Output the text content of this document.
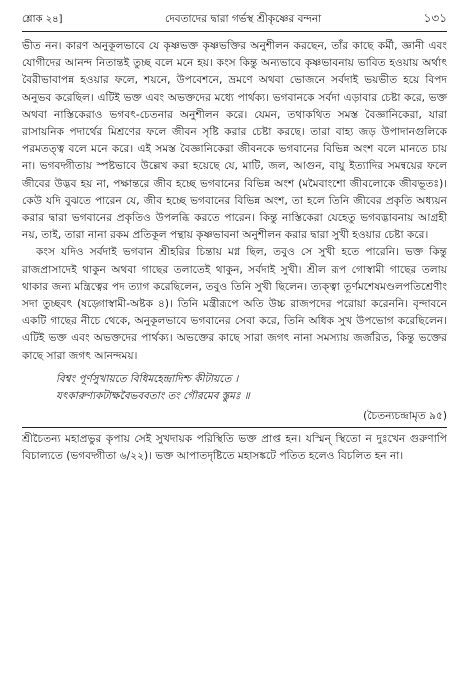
শ্লোক ২৪]	দেবতাদের দ্বারা গর্ভস্থ শ্রীকৃষ্ণের বন্দনা	১৩১

ভীত নন। কারণ অনুকূলভাবে যে কৃষ্ণভক্ত কৃষ্ণভক্তির অনুশীলন করছেন, তাঁর কাছে কর্মী, জ্ঞানী এবং যোগীদের আনন্দ নিতান্তই তুচ্ছ বলে মনে হয়। কংস কিন্তু অন্যভাবে কৃষ্ণভাবনায় ভাবিত হওয়ায় অর্থাৎ বৈরীভাবাপন্ন হওয়ার ফলে, শয়নে, উপবেশনে, ভ্রমণে অথবা ভোজনে সর্বদাই ভয়ভীত হয়ে বিপদ অনুভব করেছিল। এটিই ভক্ত এবং অভক্তদের মধ্যে পার্থক্য। ভগবানকে সর্বদা এড়াবার চেষ্টা করে, ভক্ত অথবা নাস্তিকেরাও ভগবৎ-চেতনার অনুশীলন করে। যেমন, তথাকথিত সমস্ত বৈজ্ঞানিকেরা, যারা রাসায়নিক পদার্থের মিশ্রণের ফলে জীবন সৃষ্টি করার চেষ্টা করছে। তারা বাহ্য জড় উপাদানগুলিকে পরমতত্ত্ব বলে মনে করে। এই সমস্ত বৈজ্ঞানিকেরা জীবনকে ভগবানের বিভিন্ন অংশ বলে মানতে চায় না। ভগবদ্গীতায় স্পষ্টভাবে উল্লেখ করা হয়েছে যে, মাটি, জল, আগুন, বায়ু ইত্যাদির সমন্বয়ের ফলে জীবের উদ্ভব হয় না, পক্ষান্তরে জীব হচ্ছে ভগবানের বিভিন্ন অংশ (মমৈবাংশো জীবলোকে জীবভূতঃ)। কেউ যদি বুঝতে পারেন যে, জীব হচ্ছে ভগবানের বিভিন্ন অংশ, তা হলে তিনি জীবের প্রকৃতি অধ্যয়ন করার দ্বারা ভগবানের প্রকৃতিও উপলব্ধি করতে পারেন। কিন্তু নাস্তিকেরা যেহেতু ভগবদ্ভাবনায় আগ্রহী নয়, তাই, তারা নানা রকম প্রতিকূল পন্থায় কৃষ্ণভাবনা অনুশীলন করার দ্বারা সুখী হওয়ার চেষ্টা করে।

কংস যদিও সর্বদাই ভগবান শ্রীহরির চিন্তায় মগ্ন ছিল, তবুও সে সুখী হতে পারেনি। ভক্ত কিন্তু রাজপ্রাসাদেই থাকুন অথবা গাছের তলাতেই থাকুন, সর্বদাই সুখী। শ্রীল রূপ গোস্বামী গাছের তলায় থাকার জন্য মন্ত্রিত্বের পদ ত্যাগ করেছিলেন, তবুও তিনি সুখী ছিলেন। ত্যক্ত্বা তূর্ণমশেষমণ্ডলপতিশ্রেণীং সদা তুচ্ছবৎ (ষড়্গোস্বামী-অষ্টক ৪)। তিনি মন্ত্রীরূপে অতি উচ্চ রাজপদের পরোয়া করেননি। বৃন্দাবনে একটি গাছের নীচে থেকে, অনুকূলভাবে ভগবানের সেবা করে, তিনি অধিক সুখ উপভোগ করেছিলেন। এটিই ভক্ত এবং অভক্তদের পার্থক্য। অভক্তের কাছে সারা জগৎ নানা সমস্যায় জর্জরিত, কিন্তু ভক্তের কাছে সারা জগৎ আনন্দময়।

বিশ্বং পূর্ণসুখায়তে বিধিমহেন্দ্রাদিশ্চ কীটায়তে ।
যৎকারুণ্যকটাক্ষবৈভববতাং তং গৌরমেব স্তুমঃ ॥
(চৈতন্যচন্দ্রামৃত ৯৫)
শ্রীচৈতন্য মহাপ্রভুর কৃপায় সেই সুখদায়ক পরিস্থিতি ভক্ত প্রাপ্ত হন। যস্মিন্ স্থিতো ন দুঃখেন গুরুণাপি বিচাল্যতে (ভগবদ্গীতা ৬/২২)। ভক্ত আপাতদৃষ্টিতে মহাসঙ্কটে পতিত হলেও বিচলিত হন না।
